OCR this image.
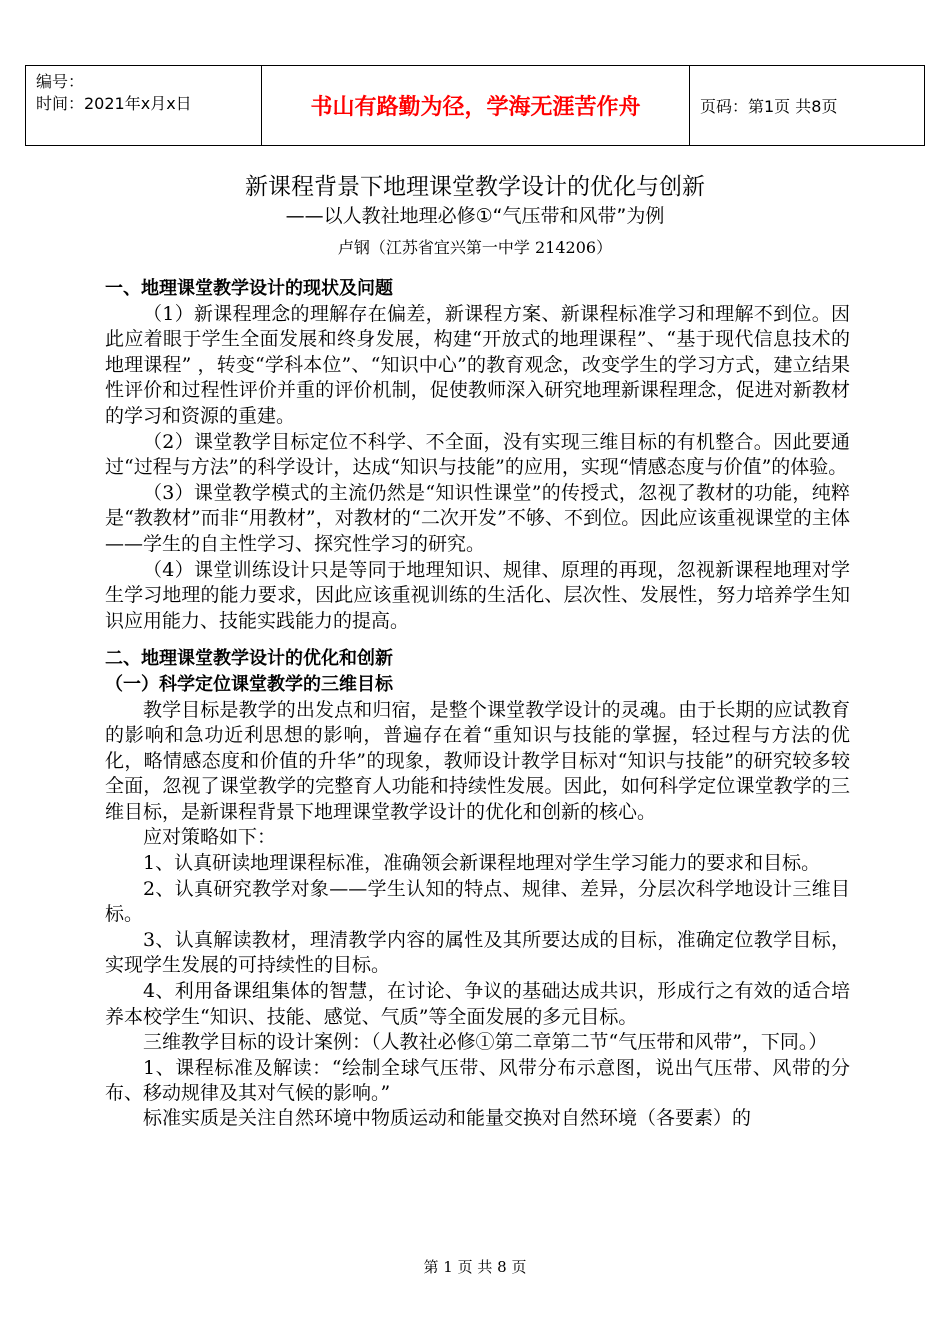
编号：
时间：2021年x月x日	书山有路勤为径，学海无涯苦作舟	页码：第1页 共8页
新课程背景下地理课堂教学设计的优化与创新
——以人教社地理必修①“气压带和风带”为例
卢钢（江苏省宜兴第一中学 214206）

一、地理课堂教学设计的现状及问题

（1）新课程理念的理解存在偏差，新课程方案、新课程标准学习和理解不到位。因此应着眼于学生全面发展和终身发展，构建“开放式的地理课程”、“基于现代信息技术的地理课程” ，转变“学科本位”、“知识中心”的教育观念，改变学生的学习方式，建立结果性评价和过程性评价并重的评价机制，促使教师深入研究地理新课程理念，促进对新教材的学习和资源的重建。

（2）课堂教学目标定位不科学、不全面，没有实现三维目标的有机整合。因此要通过“过程与方法”的科学设计，达成“知识与技能”的应用，实现“情感态度与价值”的体验。

（3）课堂教学模式的主流仍然是“知识性课堂”的传授式，忽视了教材的功能，纯粹是“教教材”而非“用教材”，对教材的“二次开发”不够、不到位。因此应该重视课堂的主体——学生的自主性学习、探究性学习的研究。

（4）课堂训练设计只是等同于地理知识、规律、原理的再现，忽视新课程地理对学生学习地理的能力要求，因此应该重视训练的生活化、层次性、发展性，努力培养学生知识应用能力、技能实践能力的提高。

二、地理课堂教学设计的优化和创新

（一）科学定位课堂教学的三维目标

教学目标是教学的出发点和归宿，是整个课堂教学设计的灵魂。由于长期的应试教育的影响和急功近利思想的影响，普遍存在着“重知识与技能的掌握，轻过程与方法的优化，略情感态度和价值的升华”的现象，教师设计教学目标对“知识与技能”的研究较多较全面，忽视了课堂教学的完整育人功能和持续性发展。因此，如何科学定位课堂教学的三维目标，是新课程背景下地理课堂教学设计的优化和创新的核心。

应对策略如下：

1、认真研读地理课程标准，准确领会新课程地理对学生学习能力的要求和目标。

2、认真研究教学对象——学生认知的特点、规律、差异，分层次科学地设计三维目标。

3、认真解读教材，理清教学内容的属性及其所要达成的目标，准确定位教学目标，实现学生发展的可持续性的目标。

4、利用备课组集体的智慧，在讨论、争议的基础达成共识，形成行之有效的适合培养本校学生“知识、技能、感觉、气质”等全面发展的多元目标。

三维教学目标的设计案例：（人教社必修①第二章第二节“气压带和风带”，下同。）

1、课程标准及解读：“绘制全球气压带、风带分布示意图，说出气压带、风带的分布、移动规律及其对气候的影响。”

标准实质是关注自然环境中物质运动和能量交换对自然环境（各要素）的

第 1 页 共 8 页
